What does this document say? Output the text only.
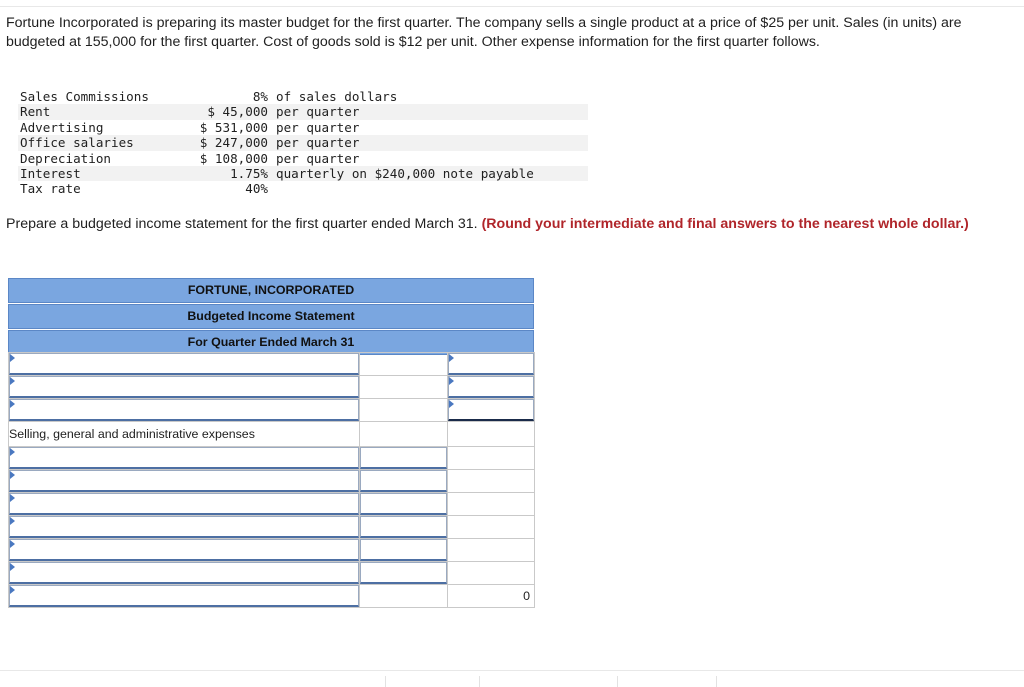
Fortune Incorporated is preparing its master budget for the first quarter. The company sells a single product at a price of $25 per unit. Sales (in units) are budgeted at 155,000 for the first quarter. Cost of goods sold is $12 per unit. Other expense information for the first quarter follows.

Sales Commissions	8%	of sales dollars
Rent	$ 45,000	per quarter
Advertising	$ 531,000	per quarter
Office salaries	$ 247,000	per quarter
Depreciation	$ 108,000	per quarter
Interest	1.75%	quarterly on $240,000 note payable
Tax rate	40%	
Prepare a budgeted income statement for the first quarter ended March 31. (Round your intermediate and final answers to the nearest whole dollar.)
FORTUNE, INCORPORATED
Budgeted Income Statement
For Quarter Ended March 31

Selling, general and administrative expenses		

		0
